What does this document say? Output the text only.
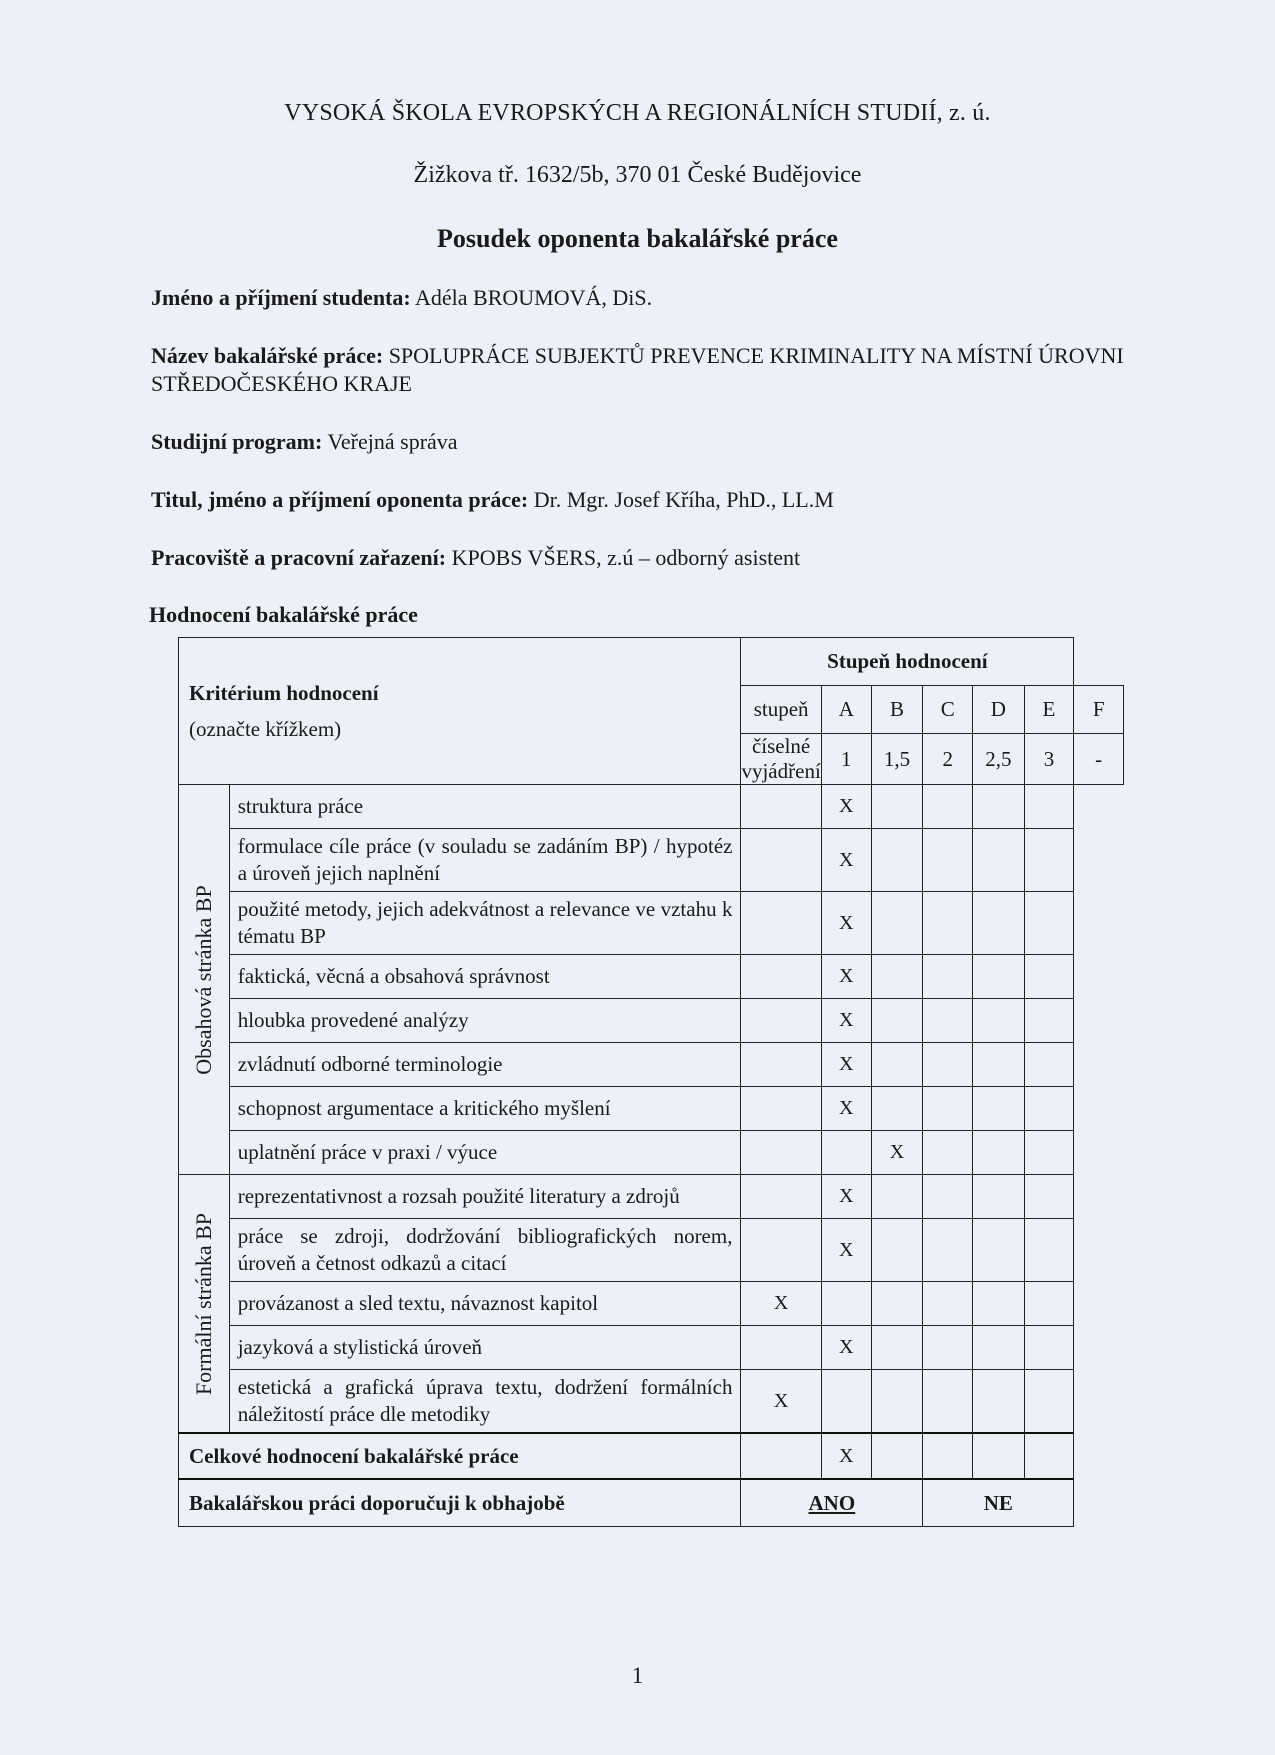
VYSOKÁ ŠKOLA EVROPSKÝCH A REGIONÁLNÍCH STUDIÍ, z. ú.
Žižkova tř. 1632/5b, 370 01 České Budějovice
Posudek oponenta bakalářské práce
Jméno a příjmení studenta: Adéla BROUMOVÁ, DiS.
Název bakalářské práce: SPOLUPRÁCE SUBJEKTŮ PREVENCE KRIMINALITY NA MÍSTNÍ ÚROVNI STŘEDOČESKÉHO KRAJE
Studijní program: Veřejná správa
Titul, jméno a příjmení oponenta práce: Dr. Mgr. Josef Kříha, PhD., LL.M
Pracoviště a pracovní zařazení: KPOBS VŠERS, z.ú – odborný asistent
Hodnocení bakalářské práce
Kritérium hodnocení
(označte křížkem)		Stupeň hodnocení						
		stupeň	A	B	C	D	E	F
		číselné vyjádření	1	1,5	2	2,5	3	-

Obsahová stránka BP	struktura práce		X					
	formulace cíle práce (v souladu se zadáním BP) / hypotéz a úroveň jejich naplnění		X					
	použité metody, jejich adekvátnost a relevance ve vztahu k tématu BP		X					
	faktická, věcná a obsahová správnost		X					
	hloubka provedené analýzy		X					
	zvládnutí odborné terminologie		X					
	schopnost argumentace a kritického myšlení		X					
	uplatnění práce v praxi / výuce			X				

Formální stránka BP	reprezentativnost a rozsah použité literatury a zdrojů		X					
	práce se zdroji, dodržování bibliografických norem, úroveň a četnost odkazů a citací		X					
	provázanost a sled textu, návaznost kapitol	X						
	jazyková a stylistická úroveň		X					
	estetická a grafická úprava textu, dodržení formálních náležitostí práce dle metodiky	X						
Celkové hodnocení bakalářské práce			X					
Bakalářskou práci doporučuji k obhajobě		ANO			NE			
1
